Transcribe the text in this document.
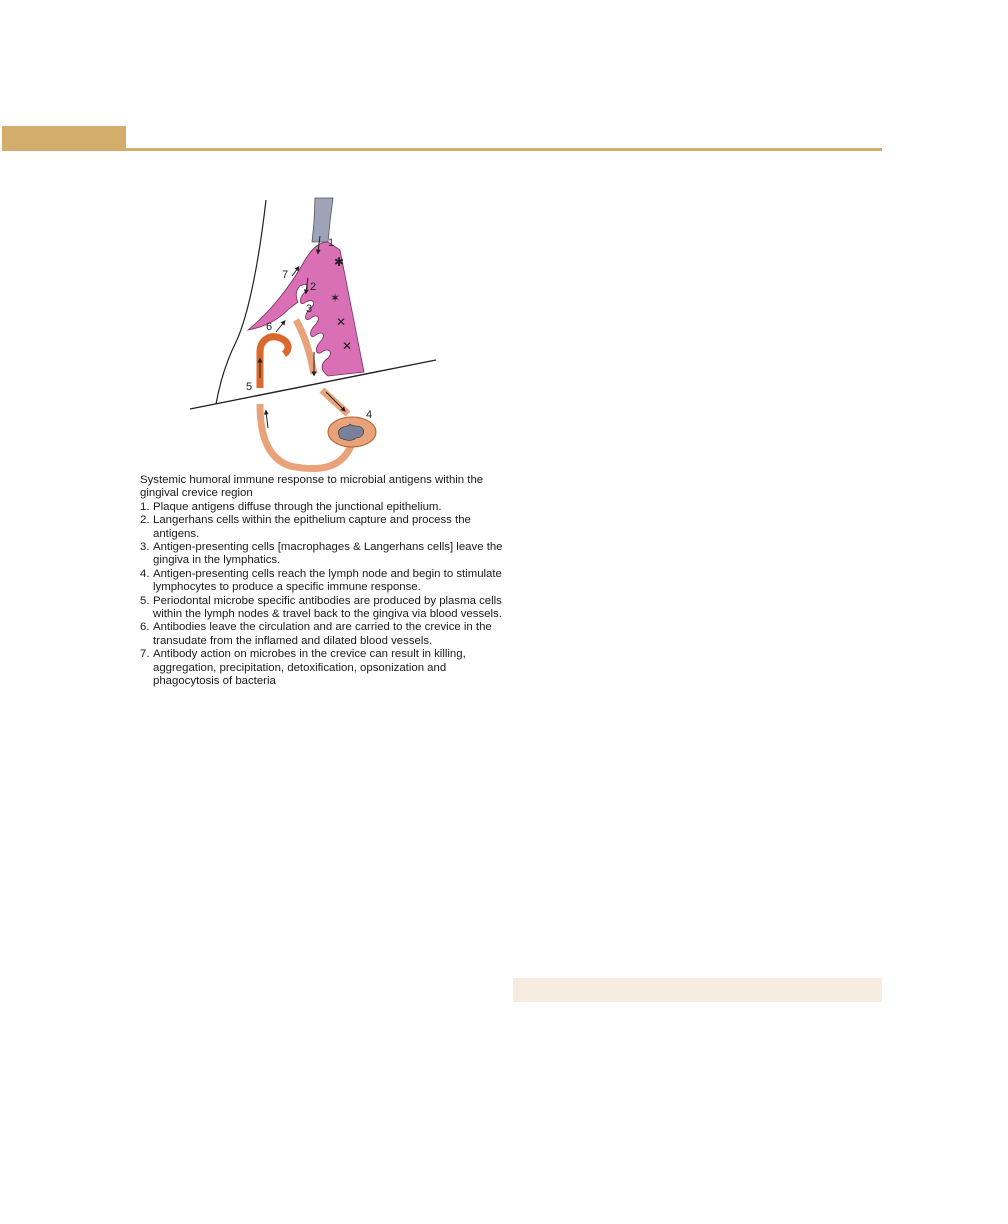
✱
✶
✕
✕
1
2
3
4
5
6
7
Systemic humoral immune response to microbial antigens within the gingival crevice region
1. Plaque antigens diffuse through the junctional epithelium.
2. Langerhans cells within the epithelium capture and process the antigens.
3. Antigen-presenting cells [macrophages & Langerhans cells] leave the gingiva in the lymphatics.
4. Antigen-presenting cells reach the lymph node and begin to stimulate lymphocytes to produce a specific immune response.
5. Periodontal microbe specific antibodies are produced by plasma cells within the lymph nodes & travel back to the gingiva via blood vessels.
6. Antibodies leave the circulation and are carried to the crevice in the transudate from the inflamed and dilated blood vessels.
7. Antibody action on microbes in the crevice can result in killing, aggregation, precipitation, detoxification, opsonization and phagocytosis of bacteria
